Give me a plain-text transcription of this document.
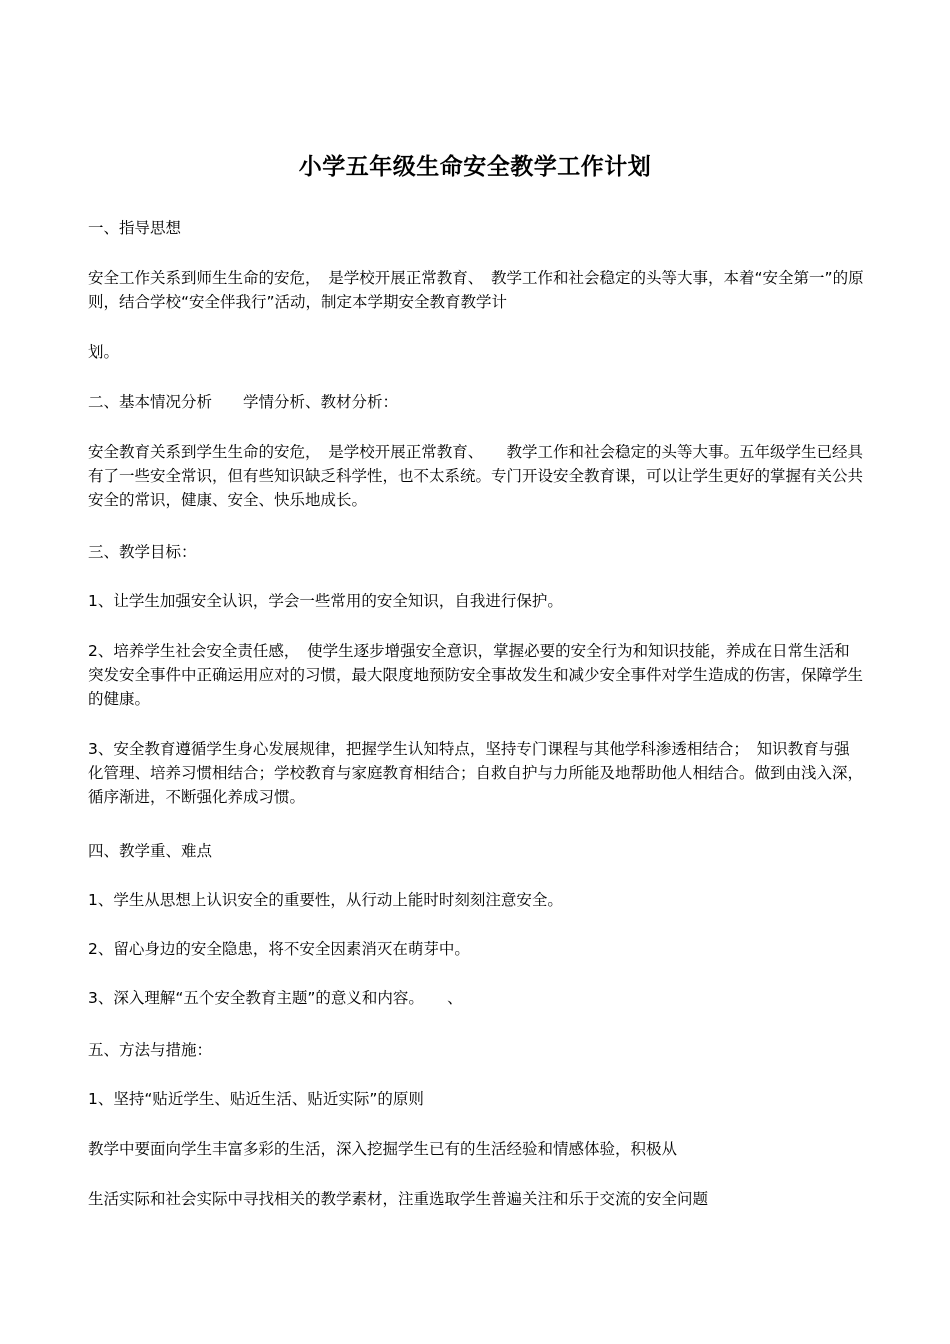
小学五年级生命安全教学工作计划

一、指导思想

安全工作关系到师生生命的安危，　是学校开展正常教育、　教学工作和社会稳定的头等大事，本着“安全第一”的原则，结合学校“安全伴我行”活动，制定本学期安全教育教学计

划。

二、基本情况分析　　学情分析、教材分析：

安全教育关系到学生生命的安危，　是学校开展正常教育、　　教学工作和社会稳定的头等大事。五年级学生已经具有了一些安全常识，但有些知识缺乏科学性，也不太系统。专门开设安全教育课，可以让学生更好的掌握有关公共安全的常识，健康、安全、快乐地成长。

三、教学目标：

1、让学生加强安全认识，学会一些常用的安全知识，自我进行保护。

2、培养学生社会安全责任感，　使学生逐步增强安全意识，掌握必要的安全行为和知识技能，养成在日常生活和突发安全事件中正确运用应对的习惯，最大限度地预防安全事故发生和减少安全事件对学生造成的伤害，保障学生的健康。

3、安全教育遵循学生身心发展规律，把握学生认知特点，坚持专门课程与其他学科渗透相结合；　知识教育与强化管理、培养习惯相结合；学校教育与家庭教育相结合；自救自护与力所能及地帮助他人相结合。做到由浅入深，循序渐进，不断强化养成习惯。

四、教学重、难点

1、学生从思想上认识安全的重要性，从行动上能时时刻刻注意安全。

2、留心身边的安全隐患，将不安全因素消灭在萌芽中。

3、深入理解“五个安全教育主题”的意义和内容。　　、

五、方法与措施：

1、坚持“贴近学生、贴近生活、贴近实际”的原则

教学中要面向学生丰富多彩的生活，深入挖掘学生已有的生活经验和情感体验，积极从

生活实际和社会实际中寻找相关的教学素材，注重选取学生普遍关注和乐于交流的安全问题
